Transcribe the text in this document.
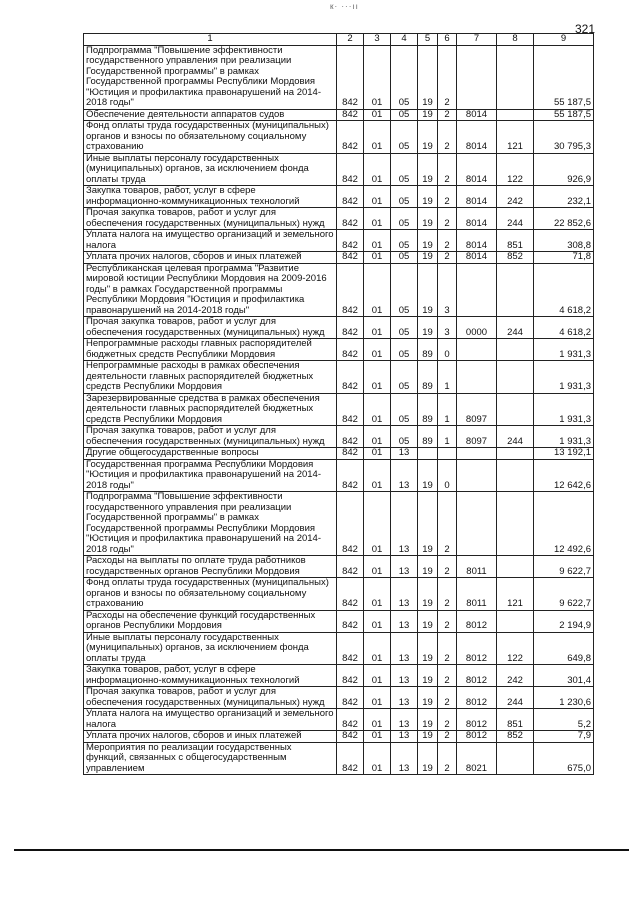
к· ···ıı
321
1	2	3	4	5	6	7	8	9
Подпрограмма "Повышение эффективности государственного управления при реализации Государственной программы" в рамках Государственной программы Республики Мордовия "Юстиция и профилактика правонарушений на 2014-2018 годы"	842	01	05	19	2			55 187,5
Обеспечение деятельности аппаратов судов	842	01	05	19	2	8014		55 187,5
Фонд оплаты труда государственных (муниципальных) органов и взносы по обязательному социальному страхованию	842	01	05	19	2	8014	121	30 795,3
Иные выплаты персоналу государственных (муниципальных) органов, за исключением фонда оплаты труда	842	01	05	19	2	8014	122	926,9
Закупка товаров, работ, услуг в сфере информационно-коммуникационных технологий	842	01	05	19	2	8014	242	232,1
Прочая закупка товаров, работ и услуг для обеспечения государственных (муниципальных) нужд	842	01	05	19	2	8014	244	22 852,6
Уплата налога на имущество организаций и земельного налога	842	01	05	19	2	8014	851	308,8
Уплата прочих налогов, сборов и иных платежей	842	01	05	19	2	8014	852	71,8
Республиканская целевая программа "Развитие мировой юстиции Республики Мордовия на 2009-2016 годы" в рамках Государственной программы Республики Мордовия "Юстиция и профилактика правонарушений на 2014-2018 годы"	842	01	05	19	3			4 618,2
Прочая закупка товаров, работ и услуг для обеспечения государственных (муниципальных) нужд	842	01	05	19	3	0000	244	4 618,2
Непрограммные расходы главных распорядителей бюджетных средств Республики Мордовия	842	01	05	89	0			1 931,3
Непрограммные расходы в рамках обеспечения деятельности главных распорядителей бюджетных средств Республики Мордовия	842	01	05	89	1			1 931,3
Зарезервированные средства в рамках обеспечения деятельности главных распорядителей бюджетных средств Республики Мордовия	842	01	05	89	1	8097		1 931,3
Прочая закупка товаров, работ и услуг для обеспечения государственных (муниципальных) нужд	842	01	05	89	1	8097	244	1 931,3
Другие общегосударственные вопросы	842	01	13					13 192,1
Государственная программа Республики Мордовия "Юстиция и профилактика правонарушений на 2014-2018 годы"	842	01	13	19	0			12 642,6
Подпрограмма "Повышение эффективности государственного управления при реализации Государственной программы" в рамках Государственной программы Республики Мордовия "Юстиция и профилактика правонарушений на 2014-2018 годы"	842	01	13	19	2			12 492,6
Расходы на выплаты по оплате труда работников государственных органов Республики Мордовия	842	01	13	19	2	8011		9 622,7
Фонд оплаты труда государственных (муниципальных) органов и взносы по обязательному социальному страхованию	842	01	13	19	2	8011	121	9 622,7
Расходы на обеспечение функций государственных органов Республики Мордовия	842	01	13	19	2	8012		2 194,9
Иные выплаты персоналу государственных (муниципальных) органов, за исключением фонда оплаты труда	842	01	13	19	2	8012	122	649,8
Закупка товаров, работ, услуг в сфере информационно-коммуникационных технологий	842	01	13	19	2	8012	242	301,4
Прочая закупка товаров, работ и услуг для обеспечения государственных (муниципальных) нужд	842	01	13	19	2	8012	244	1 230,6
Уплата налога на имущество организаций и земельного налога	842	01	13	19	2	8012	851	5,2
Уплата прочих налогов, сборов и иных платежей	842	01	13	19	2	8012	852	7,9
Мероприятия по реализации государственных функций, связанных с общегосударственным управлением	842	01	13	19	2	8021		675,0
